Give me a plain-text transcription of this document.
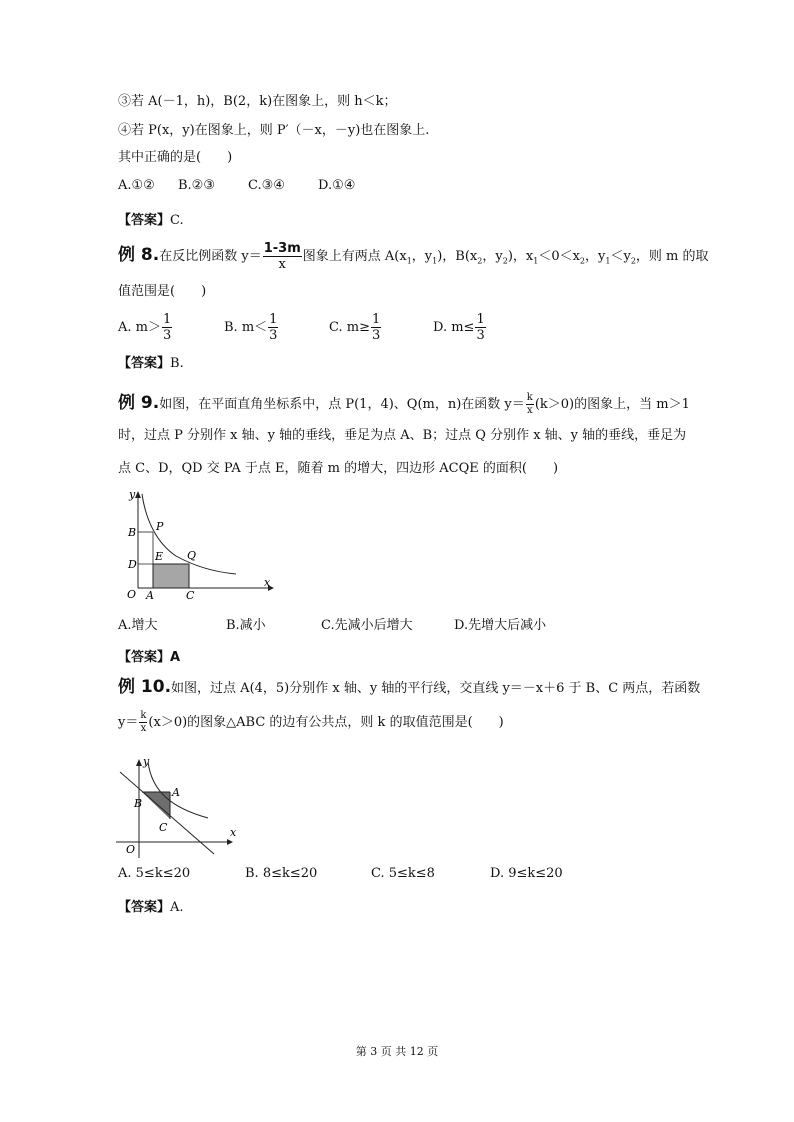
③若 A(－1，h)，B(2，k)在图象上，则 h＜k；
④若 P(x，y)在图象上，则 P′（－x，－y)也在图象上.
其中正确的是(　　)
A.①② B.②③	C.③④	D.①④
【答案】C.
例 8.在反比例函数 $y= \frac{1-3m}{x}$ 图象上有两点 $A(x_1$，$y_1$)，$B(x_2$，$y_2$)，$x_1<0<x_2$，$y_1<y_2$，则 m 的取
值范围是(　　)
A. $m> \frac{1}{3}$	B. $m< \frac{1}{3}$	C. $m\ge \frac{1}{3}$	D. $m\le \frac{1}{3}$
【答案】B.
例 9.如图，在平面直角坐标系中，点 P(1，4)、Q(m，n)在函数 $y= \frac{k}{x} (k>0)$的图象上，当 m＞1
时，过点 P 分别作 x 轴、y 轴的垂线，垂足为点 A、B；过点 Q 分别作 x 轴、y 轴的垂线，垂足为
点 C、D，QD 交 PA 于点 E，随着 m 的增大，四边形 ACQE 的面积(　　)
y
x
O A	C
B
D
P
E Q
A.增大	B.减小	C.先减小后增大	D.先增大后减小
【答案】A
例 10.如图，过点 A(4，5)分别作 x 轴、y 轴的平行线，交直线 y＝－x＋6 于 B、C 两点，若函数
$y= \frac{k}{x} (x>0)$的图象△ABC 的边有公共点，则 k 的取值范围是(　　)
y
x
O
A
B
C
A. 5≤k≤20	B. 8≤k≤20	C. 5≤k≤8	D. 9≤k≤20
【答案】A.
第 3 页 共 12 页
